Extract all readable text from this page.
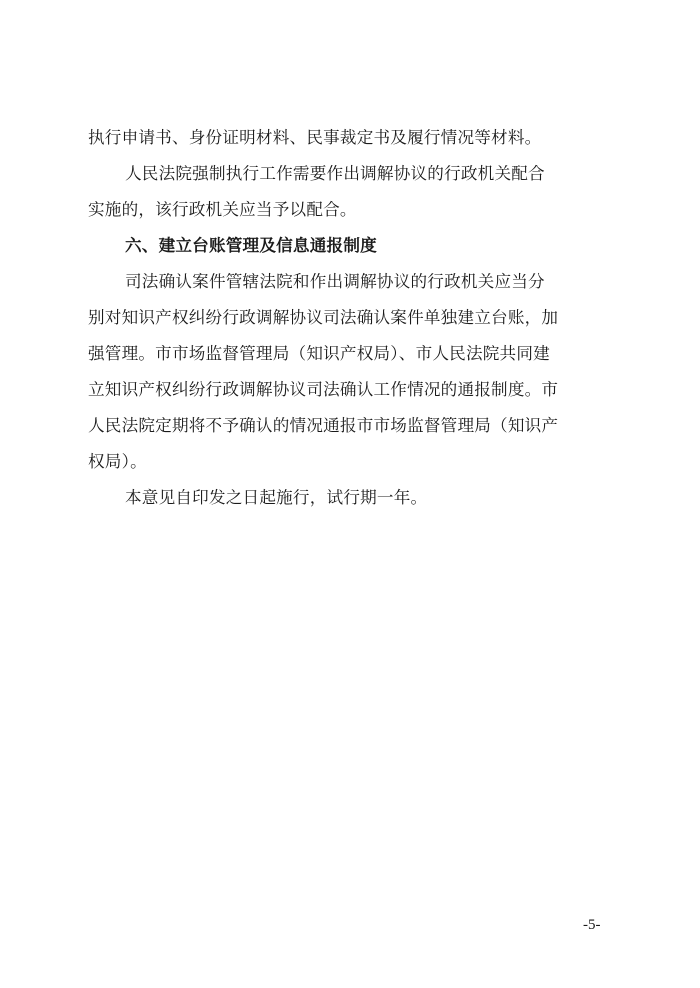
执行申请书、身份证明材料、民事裁定书及履行情况等材料。
人民法院强制执行工作需要作出调解协议的行政机关配合
实施的，该行政机关应当予以配合。
六、建立台账管理及信息通报制度
司法确认案件管辖法院和作出调解协议的行政机关应当分
别对知识产权纠纷行政调解协议司法确认案件单独建立台账，加
强管理。市市场监督管理局（知识产权局）、市人民法院共同建
立知识产权纠纷行政调解协议司法确认工作情况的通报制度。市
人民法院定期将不予确认的情况通报市市场监督管理局（知识产
权局）。
本意见自印发之日起施行，试行期一年。
-5-
